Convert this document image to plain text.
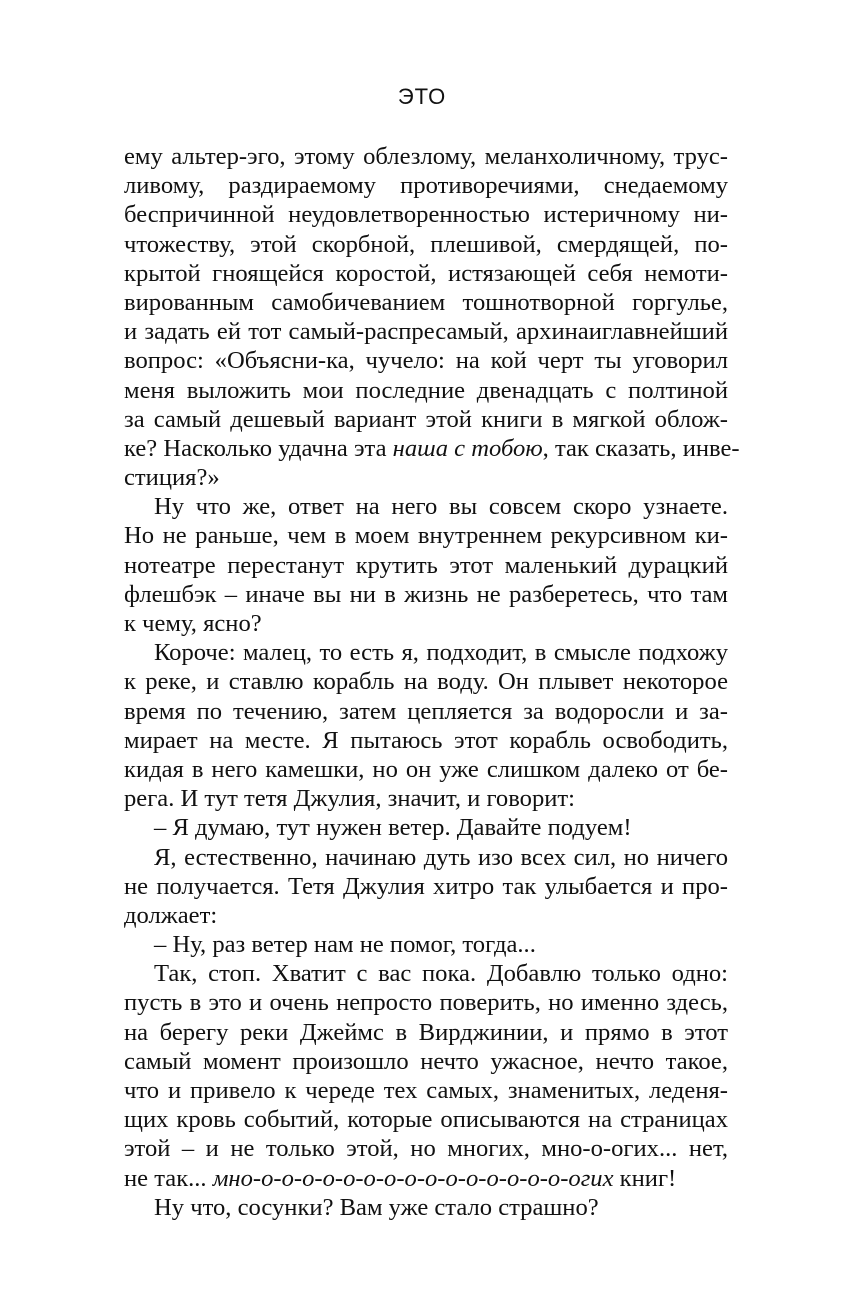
ЭТО
ему альтер-эго, этому облезлому, меланхоличному, трус-
ливому, раздираемому противоречиями, снедаемому
беспричинной неудовлетворенностью истеричному ни-
чтожеству, этой скорбной, плешивой, смердящей, по-
крытой гноящейся коростой, истязающей себя немоти-
вированным самобичеванием тошнотворной горгулье,
и задать ей тот самый-распресамый, архинаиглавнейший
вопрос: «Объясни-ка, чучело: на кой черт ты уговорил
меня выложить мои последние двенадцать с полтиной
за самый дешевый вариант этой книги в мягкой облож-
ке? Насколько удачна эта наша с тобою, так сказать, инве-
стиция?»
Ну что же, ответ на него вы совсем скоро узнаете.
Но не раньше, чем в моем внутреннем рекурсивном ки-
нотеатре перестанут крутить этот маленький дурацкий
флешбэк – иначе вы ни в жизнь не разберетесь, что там
к чему, ясно?
Короче: малец, то есть я, подходит, в смысле подхожу
к реке, и ставлю корабль на воду. Он плывет некоторое
время по течению, затем цепляется за водоросли и за-
мирает на месте. Я пытаюсь этот корабль освободить,
кидая в него камешки, но он уже слишком далеко от бе-
рега. И тут тетя Джулия, значит, и говорит:
– Я думаю, тут нужен ветер. Давайте подуем!
Я, естественно, начинаю дуть изо всех сил, но ничего
не получается. Тетя Джулия хитро так улыбается и про-
должает:
– Ну, раз ветер нам не помог, тогда...
Так, стоп. Хватит с вас пока. Добавлю только одно:
пусть в это и очень непросто поверить, но именно здесь,
на берегу реки Джеймс в Вирджинии, и прямо в этот
самый момент произошло нечто ужасное, нечто такое,
что и привело к череде тех самых, знаменитых, леденя-
щих кровь событий, которые описываются на страницах
этой – и не только этой, но многих, мно-о-огих... нет,
не так... мно-о-о-о-о-о-о-о-о-о-о-о-о-о-о-о-огих книг!
Ну что, сосунки? Вам уже стало страшно?
